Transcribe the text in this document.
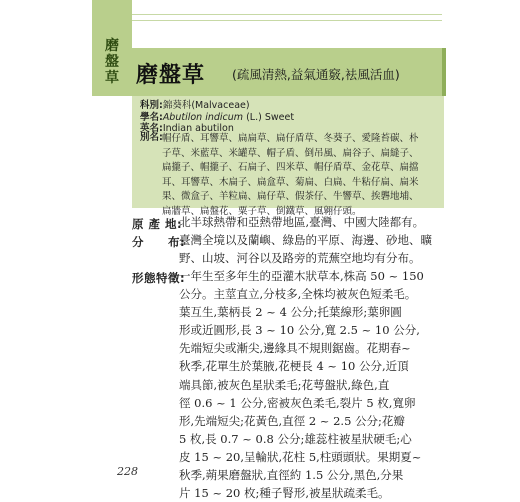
磨
盤
草 磨盤草 (疏風清熱,益氣通竅,袪風活血)
科別:錦葵科(Malvaceae)
學名:Abutilon indicum (L.) Sweet
英名:Indian abutilon
別名: 帽仔盾、耳響草、扁扁草、扁仔盾草、冬葵子、愛隆苔碳、朴
子草、米藍草、米罐草、帽子盾、倒吊風、扁谷子、扁縫子、
扁攏子、帽攏子、石扁子、四米草、帽仔盾草、金花草、扁擋
耳、耳響草、木扁子、扁盒草、菊扁、白扁、牛粘仔扁、扁米
果、微盒子、羊粒扁、扁仔草、假茶仔、牛響草、挨礱地埔、
扁牆草、扁盤花、粟子草、倒鐵草、風翱仔頭。
原 產 地:
北半球熱帶和亞熱帶地區,臺灣、中國大陸都有。
分　　布:
臺灣全境以及蘭嶼、綠島的平原、海邊、砂地、曠
野、山坡、河谷以及路旁的荒蕪空地均有分布。
形態特徵:
一年生至多年生的亞灌木狀草本,株高 50 ~ 150
公分。主莖直立,分枝多,全株均被灰色短柔毛。
葉互生,葉柄長 2 ~ 4 公分;托葉線形;葉卵圓
形或近圓形,長 3 ~ 10 公分,寬 2.5 ~ 10 公分,
先端短尖或漸尖,邊緣具不規則鋸齒。花期春~
秋季,花單生於葉腋,花梗長 4 ~ 10 公分,近頂
端具節,被灰色星狀柔毛;花萼盤狀,綠色,直
徑 0.6 ~ 1 公分,密被灰色柔毛,裂片 5 枚,寬卵
形,先端短尖;花黃色,直徑 2 ~ 2.5 公分;花瓣
5 枚,長 0.7 ~ 0.8 公分;雄蕊柱被星狀硬毛;心
皮 15 ~ 20,呈輪狀,花柱 5,柱頭頭狀。果期夏~
秋季,蒴果磨盤狀,直徑約 1.5 公分,黑色,分果
片 15 ~ 20 枚;種子腎形,被星狀疏柔毛。
228
